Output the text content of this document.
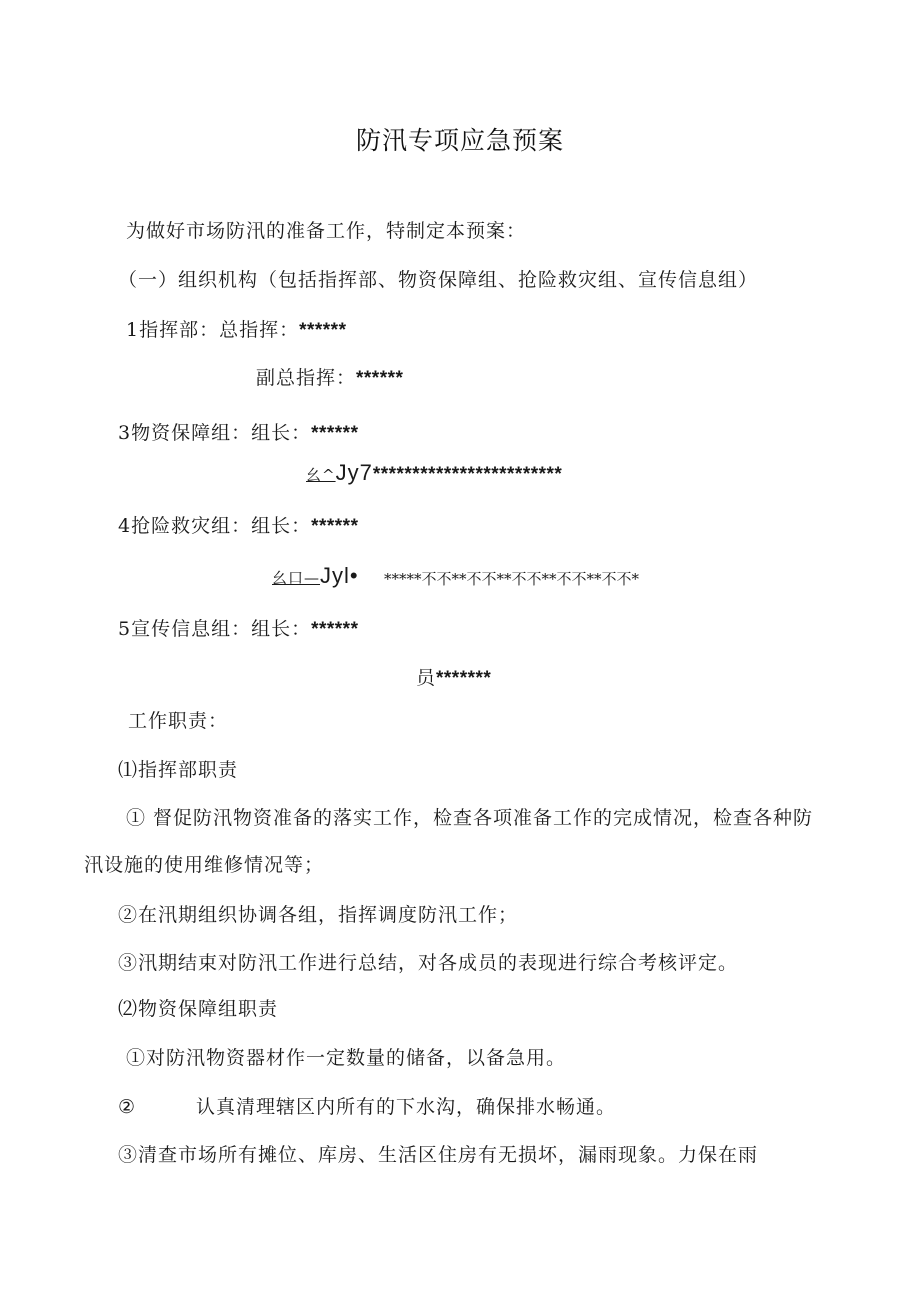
防汛专项应急预案
为做好市场防汛的准备工作，特制定本预案：
（一）组织机构（包括指挥部、物资保障组、抢险救灾组、宣传信息组）
1指挥部：总指挥：******
副总指挥：******
3物资保障组：组长：******
幺^Jy7************************
4抢险救灾组：组长：******
幺口—Jyl• *****不不**不不**不不**不不**不不*
5宣传信息组：组长：******
员*******
工作职责：
⑴指挥部职责
① 督促防汛物资准备的落实工作，检查各项准备工作的完成情况，检查各种防
汛设施的使用维修情况等；
②在汛期组织协调各组，指挥调度防汛工作；
③汛期结束对防汛工作进行总结，对各成员的表现进行综合考核评定。
⑵物资保障组职责
①对防汛物资器材作一定数量的储备，以备急用。
②	认真清理辖区内所有的下水沟，确保排水畅通。
③清查市场所有摊位、库房、生活区住房有无损坏，漏雨现象。力保在雨
